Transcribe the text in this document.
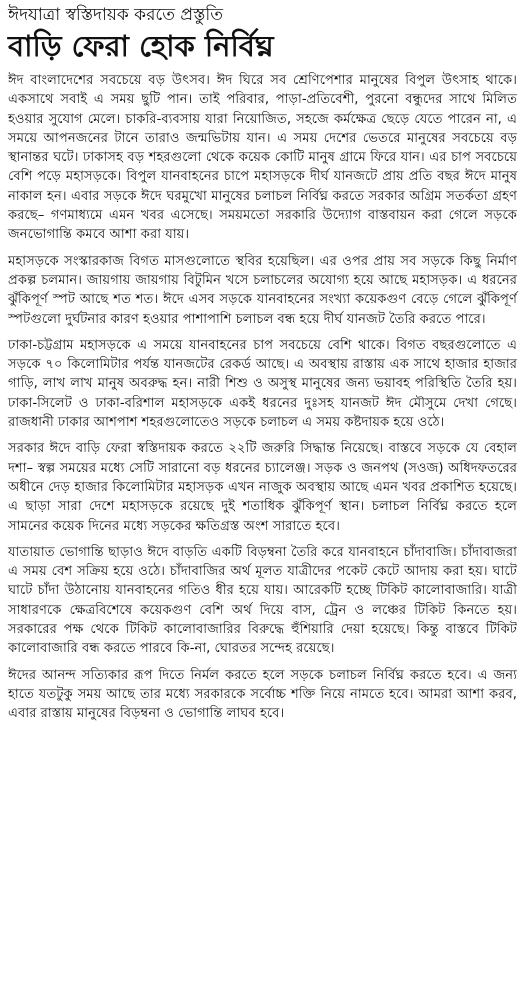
ঈদযাত্রা স্বস্তিদায়ক করতে প্রস্তুতি
বাড়ি ফেরা হোক নির্বিঘ্ন

ঈদ বাংলাদেশের সবচেয়ে বড় উৎসব। ঈদ ঘিরে সব শ্রেণিপেশার মানুষের বিপুল উৎসাহ থাকে। একসাথে সবাই এ সময় ছুটি পান। তাই পরিবার, পাড়া-প্রতিবেশী, পুরনো বন্ধুদের সাথে মিলিত হওয়ার সুযোগ মেলে। চাকরি-ব্যবসায় যারা নিয়োজিত, সহজে কর্মক্ষেত্র ছেড়ে যেতে পারেন না, এ সময়ে আপনজনের টানে তারাও জন্মভিটায় যান। এ সময় দেশের ভেতরে মানুষের সবচেয়ে বড় স্থানান্তর ঘটে। ঢাকাসহ বড় শহরগুলো থেকে কয়েক কোটি মানুষ গ্রামে ফিরে যান। এর চাপ সবচেয়ে বেশি পড়ে মহাসড়কে। বিপুল যানবাহনের চাপে মহাসড়কে দীর্ঘ যানজটে প্রায় প্রতি বছর ঈদে মানুষ নাকাল হন। এবার সড়কে ঈদে ঘরমুখো মানুষের চলাচল নির্বিঘ্ন করতে সরকার অগ্রিম সতর্কতা গ্রহণ করছে– গণমাধ্যমে এমন খবর এসেছে। সময়মতো সরকারি উদ্যোগ বাস্তবায়ন করা গেলে সড়কে জনভোগান্তি কমবে আশা করা যায়।

মহাসড়কে সংস্কারকাজ বিগত মাসগুলোতে স্থবির হয়েছিল। এর ওপর প্রায় সব সড়কে কিছু নির্মাণ প্রকল্প চলমান। জায়গায় জায়গায় বিটুমিন খসে চলাচলের অযোগ্য হয়ে আছে মহাসড়ক। এ ধরনের ঝুঁকিপূর্ণ স্পট আছে শত শত। ঈদে এসব সড়কে যানবাহনের সংখ্যা কয়েকগুণ বেড়ে গেলে ঝুঁকিপূর্ণ স্পটগুলো দুর্ঘটনার কারণ হওয়ার পাশাপাশি চলাচল বন্ধ হয়ে দীর্ঘ যানজট তৈরি করতে পারে।

ঢাকা-চট্টগ্রাম মহাসড়কে এ সময়ে যানবাহনের চাপ সবচেয়ে বেশি থাকে। বিগত বছরগুলোতে এ সড়কে ৭০ কিলোমিটার পর্যন্ত যানজটের রেকর্ড আছে। এ অবস্থায় রাস্তায় এক সাথে হাজার হাজার গাড়ি, লাখ লাখ মানুষ অবরুদ্ধ হন। নারী শিশু ও অসুস্থ মানুষের জন্য ভয়াবহ পরিস্থিতি তৈরি হয়। ঢাকা-সিলেট ও ঢাকা-বরিশাল মহাসড়কে একই ধরনের দুঃসহ যানজট ঈদ মৌসুমে দেখা গেছে। রাজধানী ঢাকার আশপাশ শহরগুলোতেও সড়কে চলাচল এ সময় কষ্টদায়ক হয়ে ওঠে।

সরকার ঈদে বাড়ি ফেরা স্বস্তিদায়ক করতে ২২টি জরুরি সিদ্ধান্ত নিয়েছে। বাস্তবে সড়কে যে বেহাল দশা– স্বল্প সময়ের মধ্যে সেটি সারানো বড় ধরনের চ্যালেঞ্জ। সড়ক ও জনপথ (সওজ) অধিদফতরের অধীনে দেড় হাজার কিলোমিটার মহাসড়ক এখন নাজুক অবস্থায় আছে এমন খবর প্রকাশিত হয়েছে। এ ছাড়া সারা দেশে মহাসড়কে রয়েছে দুই শতাধিক ঝুঁকিপূর্ণ স্থান। চলাচল নির্বিঘ্ন করতে হলে সামনের কয়েক দিনের মধ্যে সড়কের ক্ষতিগ্রস্ত অংশ সারাতে হবে।

যাতায়াত ভোগান্তি ছাড়াও ঈদে বাড়তি একটি বিড়ম্বনা তৈরি করে যানবাহনে চাঁদাবাজি। চাঁদাবাজরা এ সময় বেশ সক্রিয় হয়ে ওঠে। চাঁদাবাজির অর্থ মূলত যাত্রীদের পকেট কেটে আদায় করা হয়। ঘাটে ঘাটে চাঁদা উঠানোয় যানবাহনের গতিও ধীর হয়ে যায়। আরেকটি হচ্ছে টিকিট কালোবাজারি। যাত্রী সাধারণকে ক্ষেত্রবিশেষে কয়েকগুণ বেশি অর্থ দিয়ে বাস, ট্রেন ও লঞ্চের টিকিট কিনতে হয়। সরকারের পক্ষ থেকে টিকিট কালোবাজারির বিরুদ্ধে হুঁশিয়ারি দেয়া হয়েছে। কিন্তু বাস্তবে টিকিট কালোবাজারি বন্ধ করতে পারবে কি-না, ঘোরতর সন্দেহ রয়েছে।

ঈদের আনন্দ সত্যিকার রূপ দিতে নির্মল করতে হলে সড়কে চলাচল নির্বিঘ্ন করতে হবে। এ জন্য হাতে যতটুকু সময় আছে তার মধ্যে সরকারকে সর্বোচ্চ শক্তি নিয়ে নামতে হবে। আমরা আশা করব, এবার রাস্তায় মানুষের বিড়ম্বনা ও ভোগান্তি লাঘব হবে।
